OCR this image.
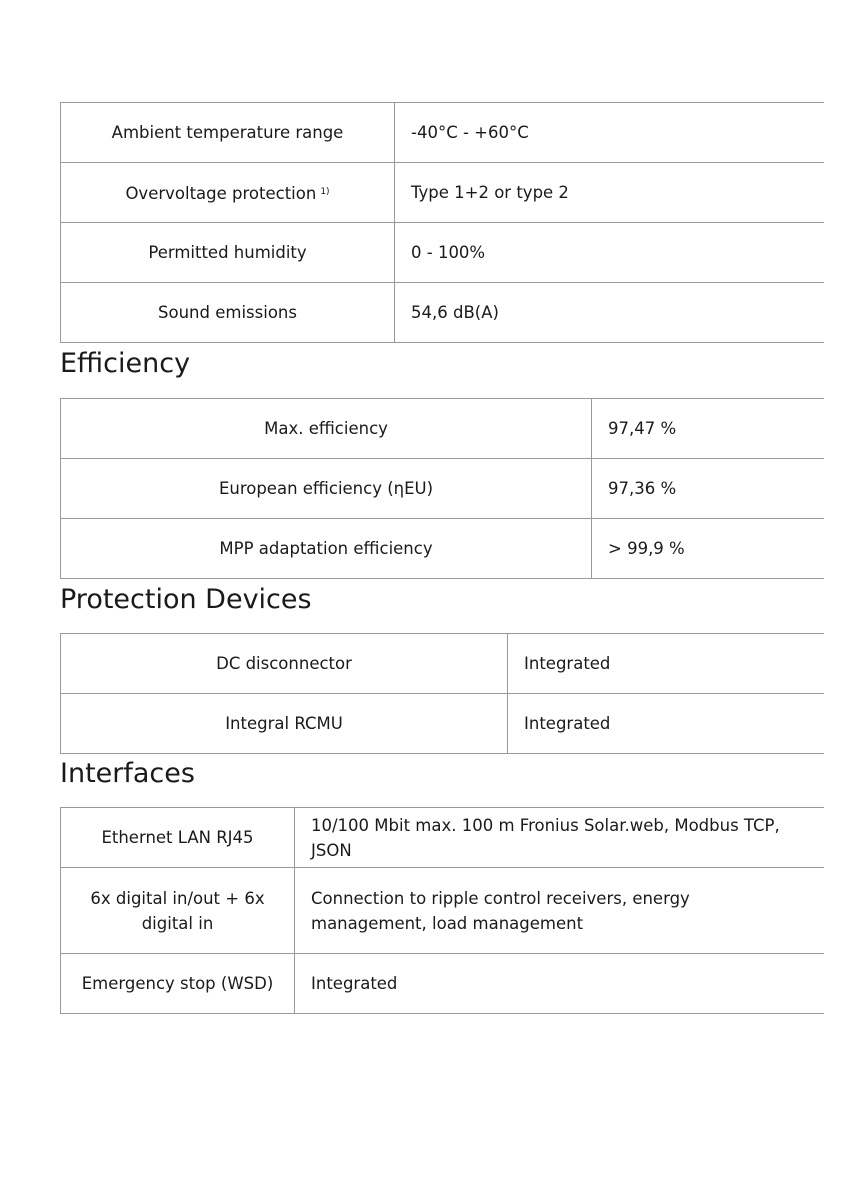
Ambient temperature range	-40°C - +60°C
Overvoltage protection $^{1)}$	Type 1+2 or type 2
Permitted humidity	0 - 100%
Sound emissions	54,6 dB(A)
Efficiency
Max. efficiency	97,47 %
European efficiency (ηEU)	97,36 %
MPP adaptation efficiency	> 99,9 %
Protection Devices
DC disconnector	Integrated
Integral RCMU	Integrated
Interfaces
Ethernet LAN RJ45	10/100 Mbit max. 100 m Fronius Solar.web, Modbus TCP, JSON
6x digital in/out + 6x digital in	Connection to ripple control receivers, energy management, load management
Emergency stop (WSD)	Integrated
